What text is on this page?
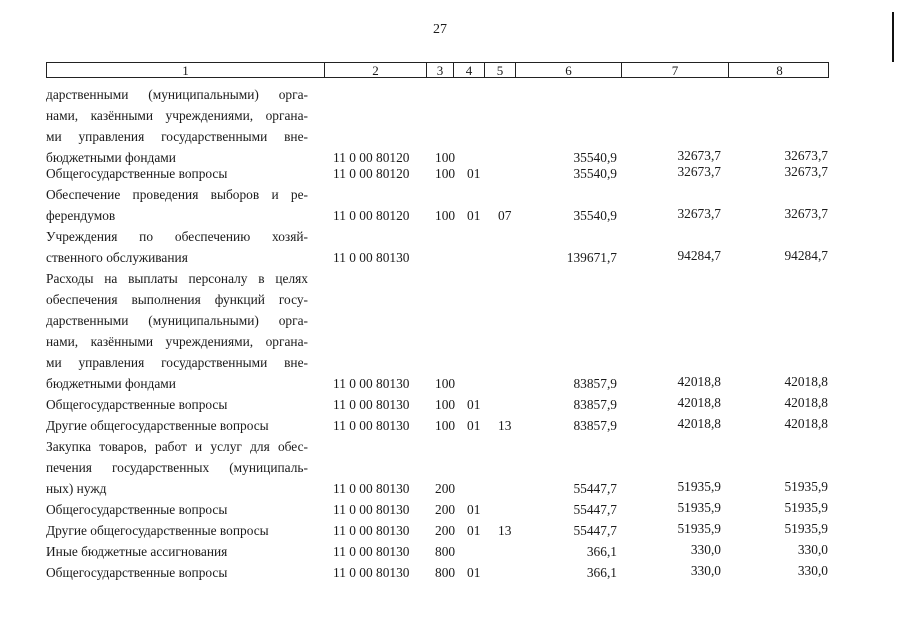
27
1	2	3	4	5	6	7	8
дарственными (муниципальными) орга-
нами, казёнными учреждениями, органа-
ми управления государственными вне-
бюджетными фондами	11 0 00 80120 100	35540,9	32673,7	32673,7
Общегосударственные вопросы	11 0 00 80120 100 01	35540,9	32673,7	32673,7
Обеспечение проведения выборов и ре-
ферендумов	11 0 00 80120 100 01 07	35540,9	32673,7	32673,7
Учреждения по обеспечению хозяй-
ственного обслуживания	11 0 00 80130	139671,7	94284,7	94284,7
Расходы на выплаты персоналу в целях
обеспечения выполнения функций госу-
дарственными (муниципальными) орга-
нами, казёнными учреждениями, органа-
ми управления государственными вне-
бюджетными фондами	11 0 00 80130 100	83857,9	42018,8	42018,8
Общегосударственные вопросы	11 0 00 80130 100 01	83857,9	42018,8	42018,8
Другие общегосударственные вопросы	11 0 00 80130 100 01 13	83857,9	42018,8	42018,8
Закупка товаров, работ и услуг для обес-
печения государственных (муниципаль-
ных) нужд	11 0 00 80130 200	55447,7	51935,9	51935,9
Общегосударственные вопросы	11 0 00 80130 200 01	55447,7	51935,9	51935,9
Другие общегосударственные вопросы	11 0 00 80130 200 01 13	55447,7	51935,9	51935,9
Иные бюджетные ассигнования	11 0 00 80130 800	366,1	330,0	330,0
Общегосударственные вопросы	11 0 00 80130 800 01	366,1	330,0	330,0
